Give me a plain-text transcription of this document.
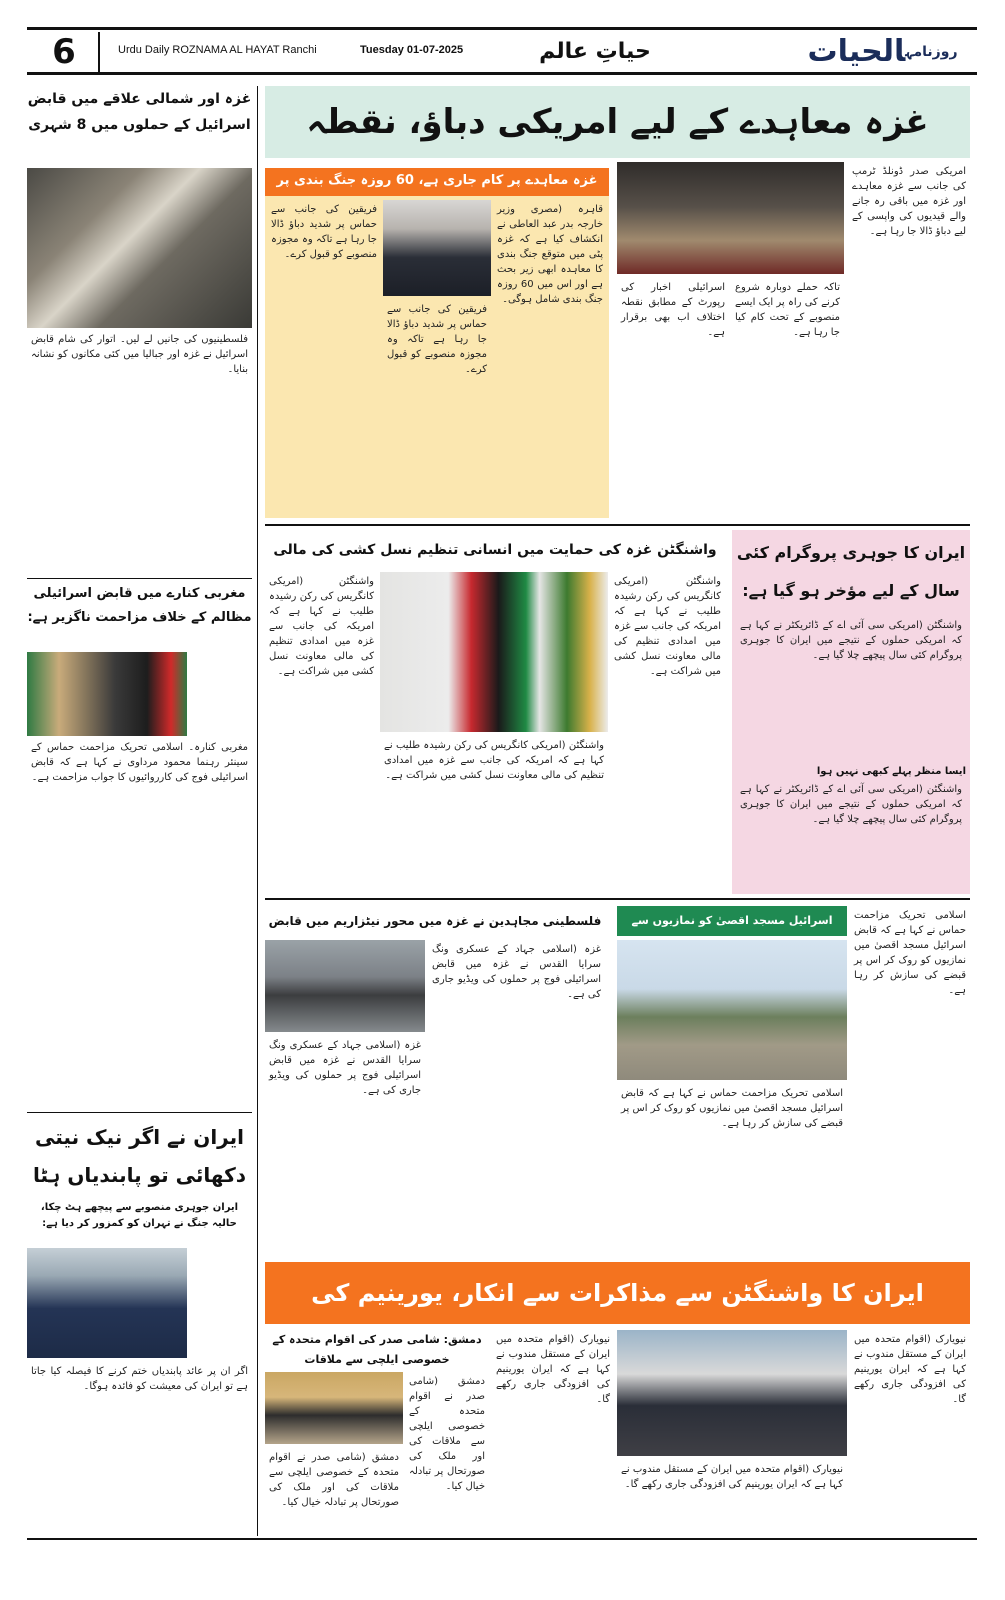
6	Urdu Daily ROZNAMA AL HAYAT Ranchi	Tuesday 01-07-2025	حیاتِ عالم	$^{روزنامہ}$الحیات
غزہ اور شمالی علاقے میں قابض اسرائیل کے حملوں میں 8 شہری
فلسطینیوں کی جانیں لے لیں۔ اتوار کی شام قابض اسرائیل نے غزہ اور جبالیا میں کئی مکانوں کو نشانہ بنایا۔
مغربی کنارے میں قابض اسرائیلی مظالم کے خلاف مزاحمت ناگزیر ہے:
مغربی کنارہ۔ اسلامی تحریک مزاحمت حماس کے سینئر رہنما محمود مرداوی نے کہا ہے کہ قابض اسرائیلی فوج کی کارروائیوں کا جواب مزاحمت ہے۔
ایران نے اگر نیک نیتی دکھائی تو پابندیاں ہٹا
ایران جوہری منصوبے سے پیچھے ہٹ چکا، حالیہ جنگ نے تہران کو کمزور کر دیا ہے:
اگر ان پر عائد پابندیاں ختم کرنے کا فیصلہ کیا جاتا ہے تو ایران کی معیشت کو فائدہ ہوگا۔
غزہ معاہدے کے لیے امریکی دباؤ، نقطہ
غزہ معاہدے پر کام جاری ہے، 60 روزہ جنگ بندی پر
قاہرہ (مصری وزیر خارجہ بدر عبد العاطی نے انکشاف کیا ہے کہ غزہ پٹی میں متوقع جنگ بندی کا معاہدہ ابھی زیر بحث ہے اور اس میں 60 روزہ جنگ بندی شامل ہوگی۔
فریقین کی جانب سے حماس پر شدید دباؤ ڈالا جا رہا ہے تاکہ وہ مجوزہ منصوبے کو قبول کرے۔
فریقین کی جانب سے حماس پر شدید دباؤ ڈالا جا رہا ہے تاکہ وہ مجوزہ منصوبے کو قبول کرے۔
امریکی صدر ڈونلڈ ٹرمپ کی جانب سے غزہ معاہدے اور غزہ میں باقی رہ جانے والے قیدیوں کی واپسی کے لیے دباؤ ڈالا جا رہا ہے۔
اسرائیلی اخبار کی رپورٹ کے مطابق نقطہ اختلاف اب بھی برقرار ہے۔
تاکہ حملے دوبارہ شروع کرنے کی راہ پر ایک ایسے منصوبے کے تحت کام کیا جا رہا ہے۔
واشنگٹن غزہ کی حمایت میں انسانی تنظیم نسل کشی کی مالی
واشنگٹن (امریکی کانگریس کی رکن رشیدہ طلیب نے کہا ہے کہ امریکہ کی جانب سے غزہ میں امدادی تنظیم کی مالی معاونت نسل کشی میں شراکت ہے۔
واشنگٹن (امریکی کانگریس کی رکن رشیدہ طلیب نے کہا ہے کہ امریکہ کی جانب سے غزہ میں امدادی تنظیم کی مالی معاونت نسل کشی میں شراکت ہے۔
واشنگٹن (امریکی کانگریس کی رکن رشیدہ طلیب نے کہا ہے کہ امریکہ کی جانب سے غزہ میں امدادی تنظیم کی مالی معاونت نسل کشی میں شراکت ہے۔
ایران کا جوہری پروگرام کئی سال کے لیے مؤخر ہو گیا ہے:
واشنگٹن (امریکی سی آئی اے کے ڈائریکٹر نے کہا ہے کہ امریکی حملوں کے نتیجے میں ایران کا جوہری پروگرام کئی سال پیچھے چلا گیا ہے۔
ایسا منظر پہلے کبھی نہیں ہوا
واشنگٹن (امریکی سی آئی اے کے ڈائریکٹر نے کہا ہے کہ امریکی حملوں کے نتیجے میں ایران کا جوہری پروگرام کئی سال پیچھے چلا گیا ہے۔
فلسطینی مجاہدین نے غزہ میں محور نیٹزاریم میں قابض
غزہ (اسلامی جہاد کے عسکری ونگ سرایا القدس نے غزہ میں قابض اسرائیلی فوج پر حملوں کی ویڈیو جاری کی ہے۔
غزہ (اسلامی جہاد کے عسکری ونگ سرایا القدس نے غزہ میں قابض اسرائیلی فوج پر حملوں کی ویڈیو جاری کی ہے۔
اسرائیل مسجد اقصیٰ کو نمازیوں سے	اسلامی تحریک مزاحمت حماس نے کہا ہے کہ قابض اسرائیل مسجد اقصیٰ میں نمازیوں کو روک کر اس پر قبضے کی سازش کر رہا ہے۔
اسلامی تحریک مزاحمت حماس نے کہا ہے کہ قابض اسرائیل مسجد اقصیٰ میں نمازیوں کو روک کر اس پر قبضے کی سازش کر رہا ہے۔
ایران کا واشنگٹن سے مذاکرات سے انکار، یورینیم کی
دمشق: شامی صدر کی اقوام متحدہ کے خصوصی ایلچی سے ملاقات
دمشق (شامی صدر نے اقوام متحدہ کے خصوصی ایلچی سے ملاقات کی اور ملک کی صورتحال پر تبادلہ خیال کیا۔
دمشق (شامی صدر نے اقوام متحدہ کے خصوصی ایلچی سے ملاقات کی اور ملک کی صورتحال پر تبادلہ خیال کیا۔
نیویارک (اقوام متحدہ میں ایران کے مستقل مندوب نے کہا ہے کہ ایران یورینیم کی افزودگی جاری رکھے گا۔
نیویارک (اقوام متحدہ میں ایران کے مستقل مندوب نے کہا ہے کہ ایران یورینیم کی افزودگی جاری رکھے گا۔
نیویارک (اقوام متحدہ میں ایران کے مستقل مندوب نے کہا ہے کہ ایران یورینیم کی افزودگی جاری رکھے گا۔
